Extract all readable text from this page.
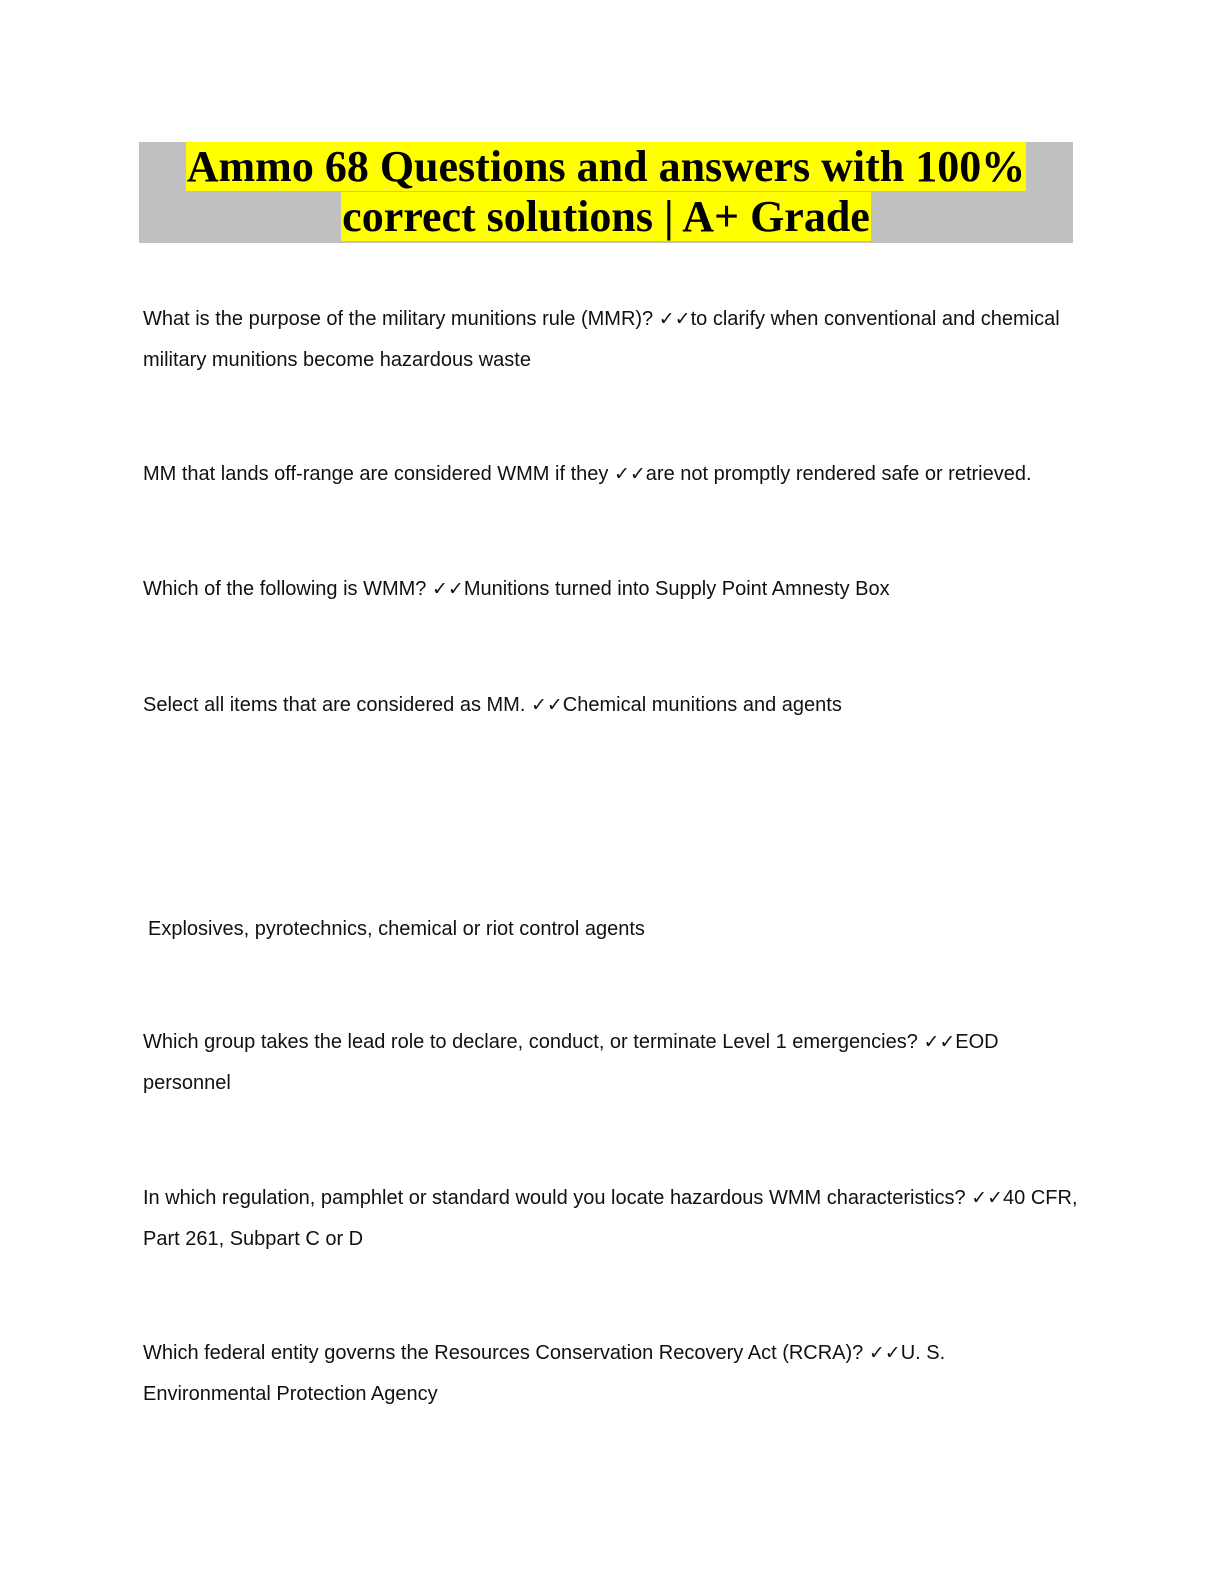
Ammo 68 Questions and answers with 100%
correct solutions | A+ Grade
What is the purpose of the military munitions rule (MMR)? ✓✓to clarify when conventional and chemical military munitions become hazardous waste
MM that lands off-range are considered WMM if they ✓✓are not promptly rendered safe or retrieved.
Which of the following is WMM? ✓✓Munitions turned into Supply Point Amnesty Box
Select all items that are considered as MM. ✓✓Chemical munitions and agents
Explosives, pyrotechnics, chemical or riot control agents
Which group takes the lead role to declare, conduct, or terminate Level 1 emergencies? ✓✓EOD personnel
In which regulation, pamphlet or standard would you locate hazardous WMM characteristics? ✓✓40 CFR, Part 261, Subpart C or D
Which federal entity governs the Resources Conservation Recovery Act (RCRA)? ✓✓U. S. Environmental Protection Agency
